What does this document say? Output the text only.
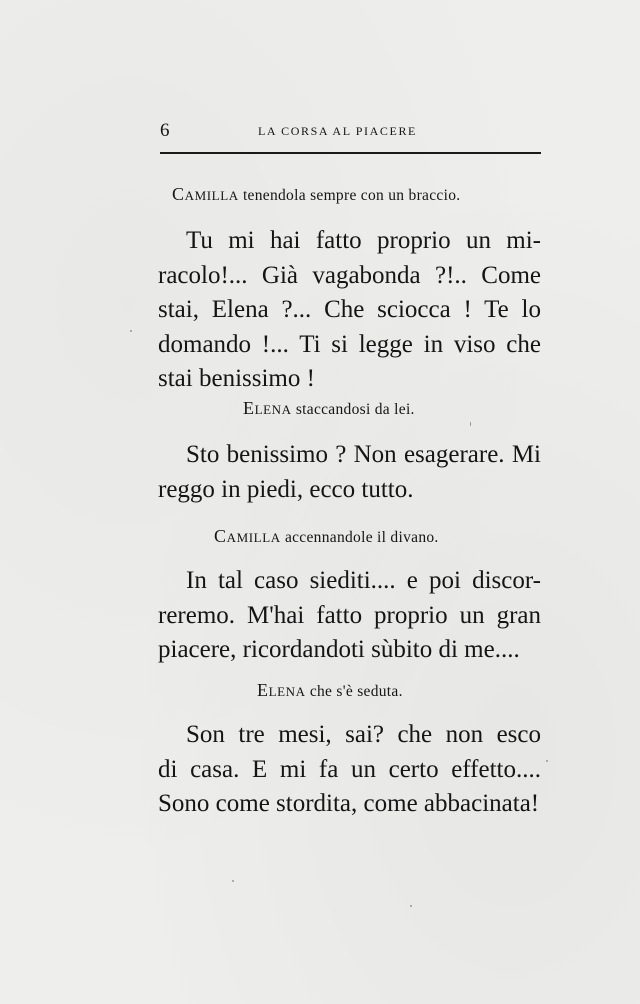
6	LA CORSA AL PIACERE
Camilla tenendola sempre con un braccio.

Tu mi hai fatto proprio un mi-
racolo!... Già vagabonda ?!.. Come
stai, Elena ?... Che sciocca ! Te lo
domando !... Ti si legge in viso che
stai benissimo !

Elena staccandosi da lei.

Sto benissimo ? Non esagerare. Mi
reggo in piedi, ecco tutto.

Camilla accennandole il divano.

In tal caso siediti.... e poi discor-
reremo. M'hai fatto proprio un gran
piacere, ricordandoti sùbito di me....

Elena che s'è seduta.

Son tre mesi, sai? che non esco
di casa. E mi fa un certo effetto....
Sono come stordita, come abbacinata!
